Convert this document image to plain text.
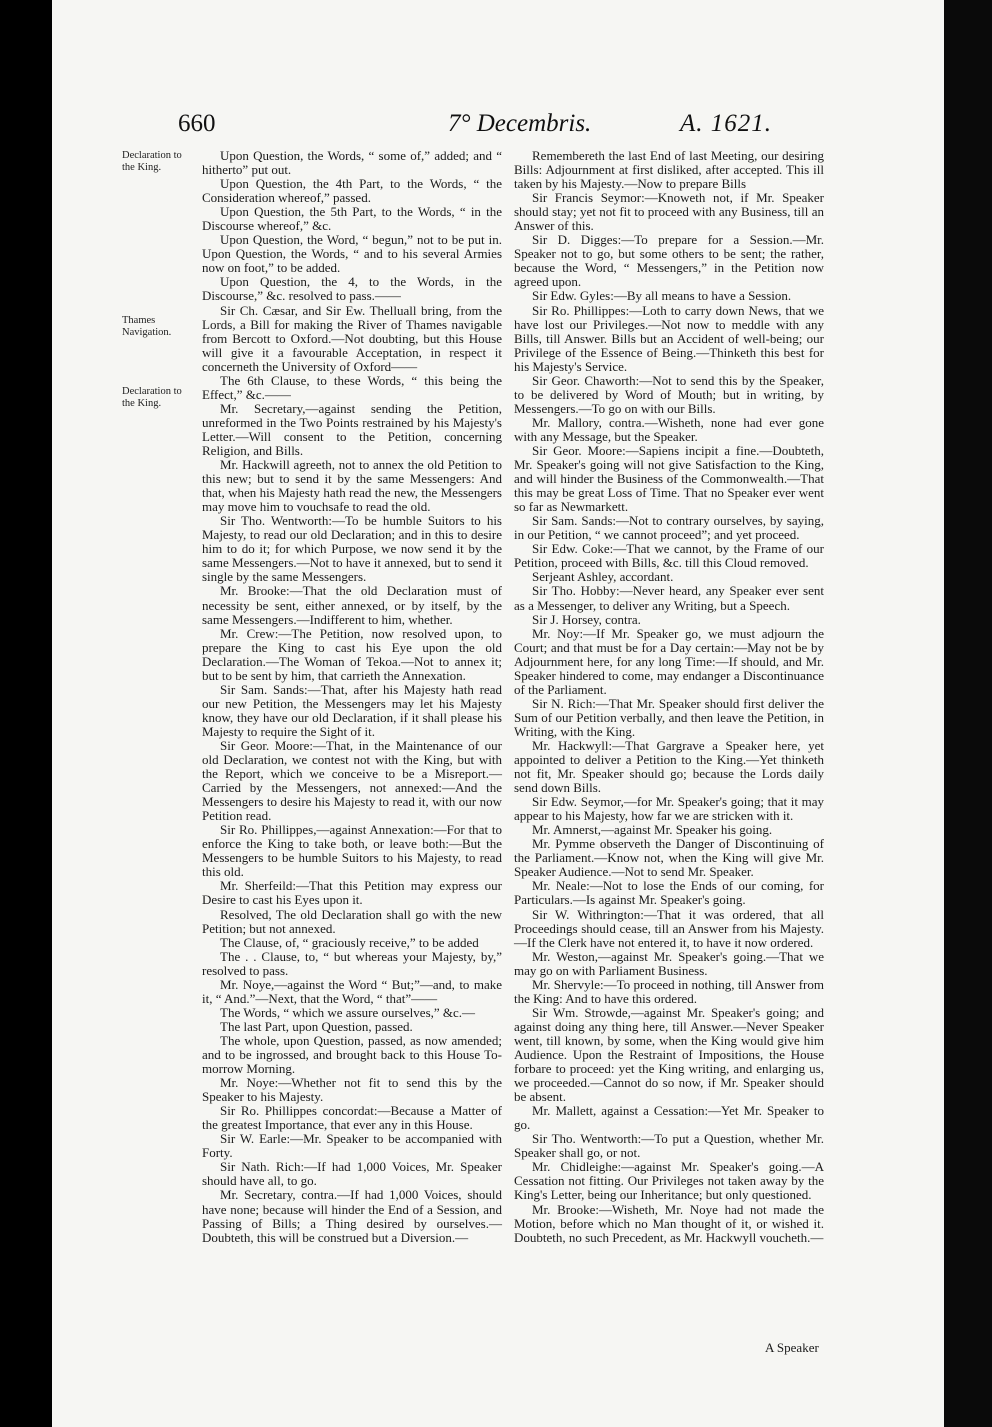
660	7° Decembris.	A. 1621.
Declaration to the King.
Thames Navigation.
Declaration to the King.

Upon Question, the Words, “ some of,” added; and “ hitherto” put out.

Upon Question, the 4th Part, to the Words, “ the Consideration whereof,” passed.

Upon Question, the 5th Part, to the Words, “ in the Discourse whereof,” &c.

Upon Question, the Word, “ begun,” not to be put in. Upon Question, the Words, “ and to his several Armies now on foot,” to be added.

Upon Question, the 4, to the Words, in the Discourse,” &c. resolved to pass.——

Sir Ch. Cæsar, and Sir Ew. Thelluall bring, from the Lords, a Bill for making the River of Thames navigable from Bercott to Oxford.—Not doubting, but this House will give it a favourable Acceptation, in respect it concerneth the University of Oxford——

The 6th Clause, to these Words, “ this being the Effect,” &c.——

Mr. Secretary,—against sending the Petition, unreformed in the Two Points restrained by his Majesty's Letter.—Will consent to the Petition, concerning Religion, and Bills.

Mr. Hackwill agreeth, not to annex the old Petition to this new; but to send it by the same Messengers: And that, when his Majesty hath read the new, the Messengers may move him to vouchsafe to read the old.

Sir Tho. Wentworth:—To be humble Suitors to his Majesty, to read our old Declaration; and in this to desire him to do it; for which Purpose, we now send it by the same Messengers.—Not to have it annexed, but to send it single by the same Messengers.

Mr. Brooke:—That the old Declaration must of necessity be sent, either annexed, or by itself, by the same Messengers.—Indifferent to him, whether.

Mr. Crew:—The Petition, now resolved upon, to prepare the King to cast his Eye upon the old Declaration.—The Woman of Tekoa.—Not to annex it; but to be sent by him, that carrieth the Annexation.

Sir Sam. Sands:—That, after his Majesty hath read our new Petition, the Messengers may let his Majesty know, they have our old Declaration, if it shall please his Majesty to require the Sight of it.

Sir Geor. Moore:—That, in the Maintenance of our old Declaration, we contest not with the King, but with the Report, which we conceive to be a Misreport.—Carried by the Messengers, not annexed:—And the Messengers to desire his Majesty to read it, with our now Petition read.

Sir Ro. Phillippes,—against Annexation:—For that to enforce the King to take both, or leave both:—But the Messengers to be humble Suitors to his Majesty, to read this old.

Mr. Sherfeild:—That this Petition may express our Desire to cast his Eyes upon it.

Resolved, The old Declaration shall go with the new Petition; but not annexed.

The Clause, of, “ graciously receive,” to be added

The . . Clause, to, “ but whereas your Majesty, by,” resolved to pass.

Mr. Noye,—against the Word “ But;”—and, to make it, “ And.”—Next, that the Word, “ that”——

The Words, “ which we assure ourselves,” &c.—

The last Part, upon Question, passed.

The whole, upon Question, passed, as now amended; and to be ingrossed, and brought back to this House To-morrow Morning.

Mr. Noye:—Whether not fit to send this by the Speaker to his Majesty.

Sir Ro. Phillippes concordat:—Because a Matter of the greatest Importance, that ever any in this House.

Sir W. Earle:—Mr. Speaker to be accompanied with Forty.

Sir Nath. Rich:—If had 1,000 Voices, Mr. Speaker should have all, to go.

Mr. Secretary, contra.—If had 1,000 Voices, should have none; because will hinder the End of a Session, and Passing of Bills; a Thing desired by ourselves.—Doubteth, this will be construed but a Diversion.—

Remembereth the last End of last Meeting, our desiring Bills: Adjournment at first disliked, after accepted. This ill taken by his Majesty.—Now to prepare Bills

Sir Francis Seymor:—Knoweth not, if Mr. Speaker should stay; yet not fit to proceed with any Business, till an Answer of this.

Sir D. Digges:—To prepare for a Session.—Mr. Speaker not to go, but some others to be sent; the rather, because the Word, “ Messengers,” in the Petition now agreed upon.

Sir Edw. Gyles:—By all means to have a Session.

Sir Ro. Phillippes:—Loth to carry down News, that we have lost our Privileges.—Not now to meddle with any Bills, till Answer. Bills but an Accident of well-being; our Privilege of the Essence of Being.—Thinketh this best for his Majesty's Service.

Sir Geor. Chaworth:—Not to send this by the Speaker, to be delivered by Word of Mouth; but in writing, by Messengers.—To go on with our Bills.

Mr. Mallory, contra.—Wisheth, none had ever gone with any Message, but the Speaker.

Sir Geor. Moore:—Sapiens incipit a fine.—Doubteth, Mr. Speaker's going will not give Satisfaction to the King, and will hinder the Business of the Commonwealth.—That this may be great Loss of Time. That no Speaker ever went so far as Newmarkett.

Sir Sam. Sands:—Not to contrary ourselves, by saying, in our Petition, “ we cannot proceed”; and yet proceed.

Sir Edw. Coke:—That we cannot, by the Frame of our Petition, proceed with Bills, &c. till this Cloud removed.

Serjeant Ashley, accordant.

Sir Tho. Hobby:—Never heard, any Speaker ever sent as a Messenger, to deliver any Writing, but a Speech.

Sir J. Horsey, contra.

Mr. Noy:—If Mr. Speaker go, we must adjourn the Court; and that must be for a Day certain:—May not be by Adjournment here, for any long Time:—If should, and Mr. Speaker hindered to come, may endanger a Discontinuance of the Parliament.

Sir N. Rich:—That Mr. Speaker should first deliver the Sum of our Petition verbally, and then leave the Petition, in Writing, with the King.

Mr. Hackwyll:—That Gargrave a Speaker here, yet appointed to deliver a Petition to the King.—Yet thinketh not fit, Mr. Speaker should go; because the Lords daily send down Bills.

Sir Edw. Seymor,—for Mr. Speaker's going; that it may appear to his Majesty, how far we are stricken with it.

Mr. Amnerst,—against Mr. Speaker his going.

Mr. Pymme observeth the Danger of Discontinuing of the Parliament.—Know not, when the King will give Mr. Speaker Audience.—Not to send Mr. Speaker.

Mr. Neale:—Not to lose the Ends of our coming, for Particulars.—Is against Mr. Speaker's going.

Sir W. Withrington:—That it was ordered, that all Proceedings should cease, till an Answer from his Majesty.—If the Clerk have not entered it, to have it now ordered.

Mr. Weston,—against Mr. Speaker's going.—That we may go on with Parliament Business.

Mr. Shervyle:—To proceed in nothing, till Answer from the King: And to have this ordered.

Sir Wm. Strowde,—against Mr. Speaker's going; and against doing any thing here, till Answer.—Never Speaker went, till known, by some, when the King would give him Audience. Upon the Restraint of Impositions, the House forbare to proceed: yet the King writing, and enlarging us, we proceeded.—Cannot do so now, if Mr. Speaker should be absent.

Mr. Mallett, against a Cessation:—Yet Mr. Speaker to go.

Sir Tho. Wentworth:—To put a Question, whether Mr. Speaker shall go, or not.

Mr. Chidleighe:—against Mr. Speaker's going.—A Cessation not fitting. Our Privileges not taken away by the King's Letter, being our Inheritance; but only questioned.

Mr. Brooke:—Wisheth, Mr. Noye had not made the Motion, before which no Man thought of it, or wished it. Doubteth, no such Precedent, as Mr. Hackwyll voucheth.—

A Speaker
